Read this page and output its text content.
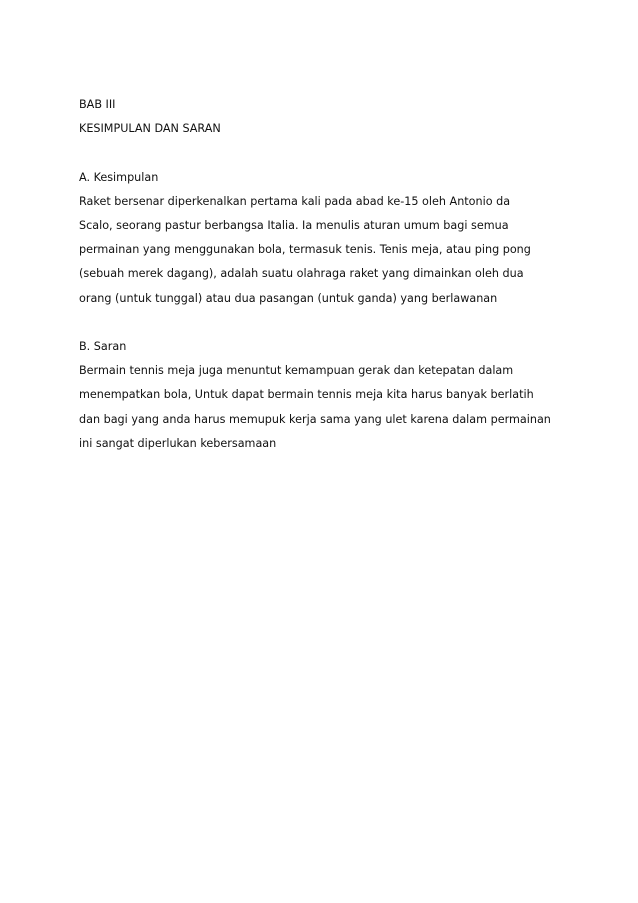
BAB III
KESIMPULAN DAN SARAN
A. Kesimpulan
Raket bersenar diperkenalkan pertama kali pada abad ke-15 oleh Antonio da
Scalo, seorang pastur berbangsa Italia. Ia menulis aturan umum bagi semua
permainan yang menggunakan bola, termasuk tenis. Tenis meja, atau ping pong
(sebuah merek dagang), adalah suatu olahraga raket yang dimainkan oleh dua
orang (untuk tunggal) atau dua pasangan (untuk ganda) yang berlawanan
B. Saran
Bermain tennis meja juga menuntut kemampuan gerak dan ketepatan dalam
menempatkan bola, Untuk dapat bermain tennis meja kita harus banyak berlatih
dan bagi yang anda harus memupuk kerja sama yang ulet karena dalam permainan
ini sangat diperlukan kebersamaan
